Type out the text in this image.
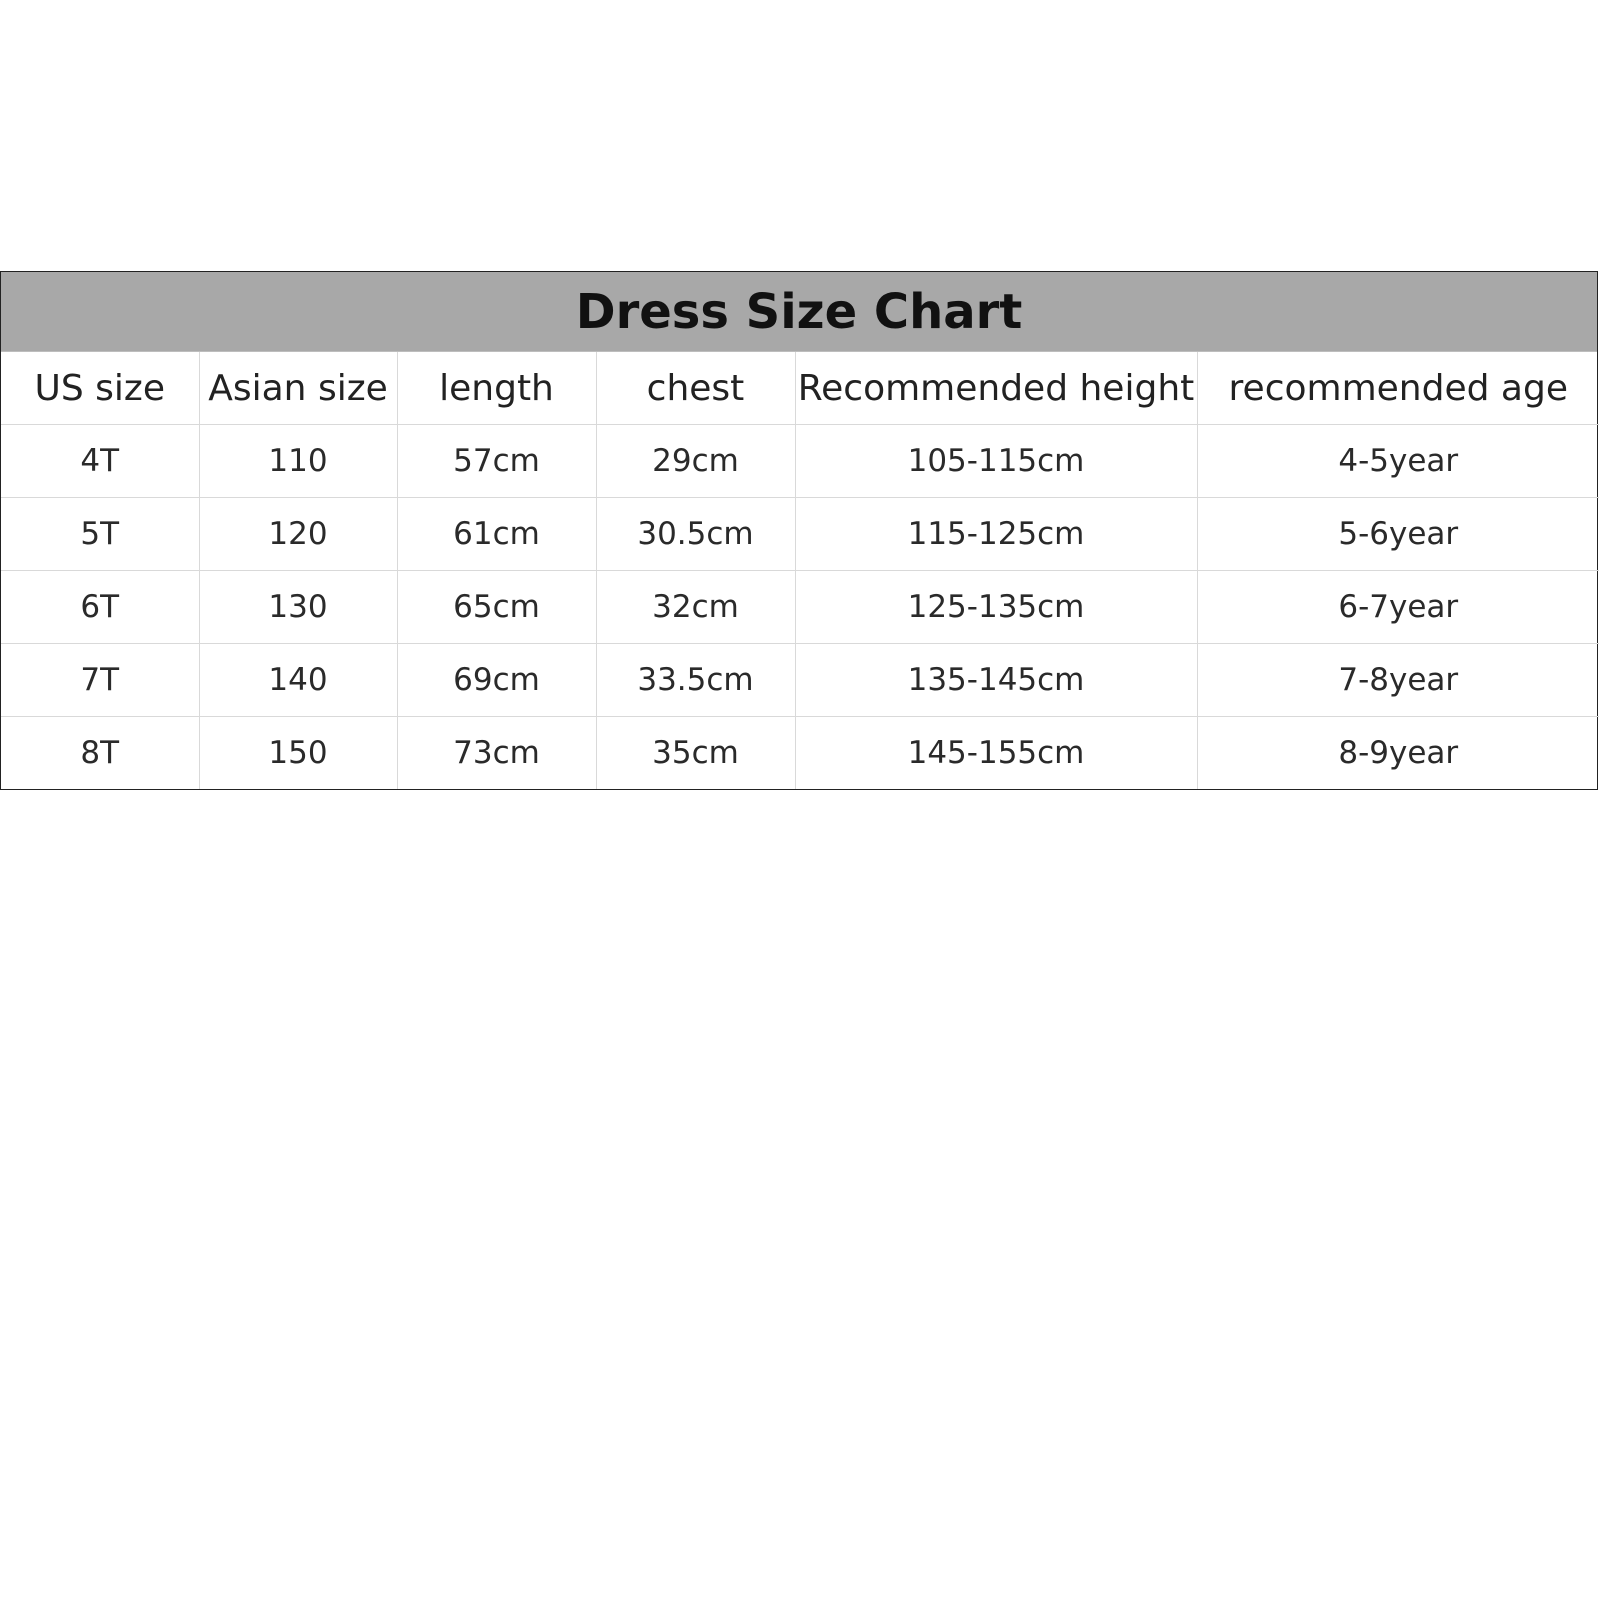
Dress Size Chart
US size	Asian size	length	chest	Recommended height	recommended age
4T	110	57cm	29cm	105-115cm	4-5year
5T	120	61cm	30.5cm	115-125cm	5-6year
6T	130	65cm	32cm	125-135cm	6-7year
7T	140	69cm	33.5cm	135-145cm	7-8year
8T	150	73cm	35cm	145-155cm	8-9year
